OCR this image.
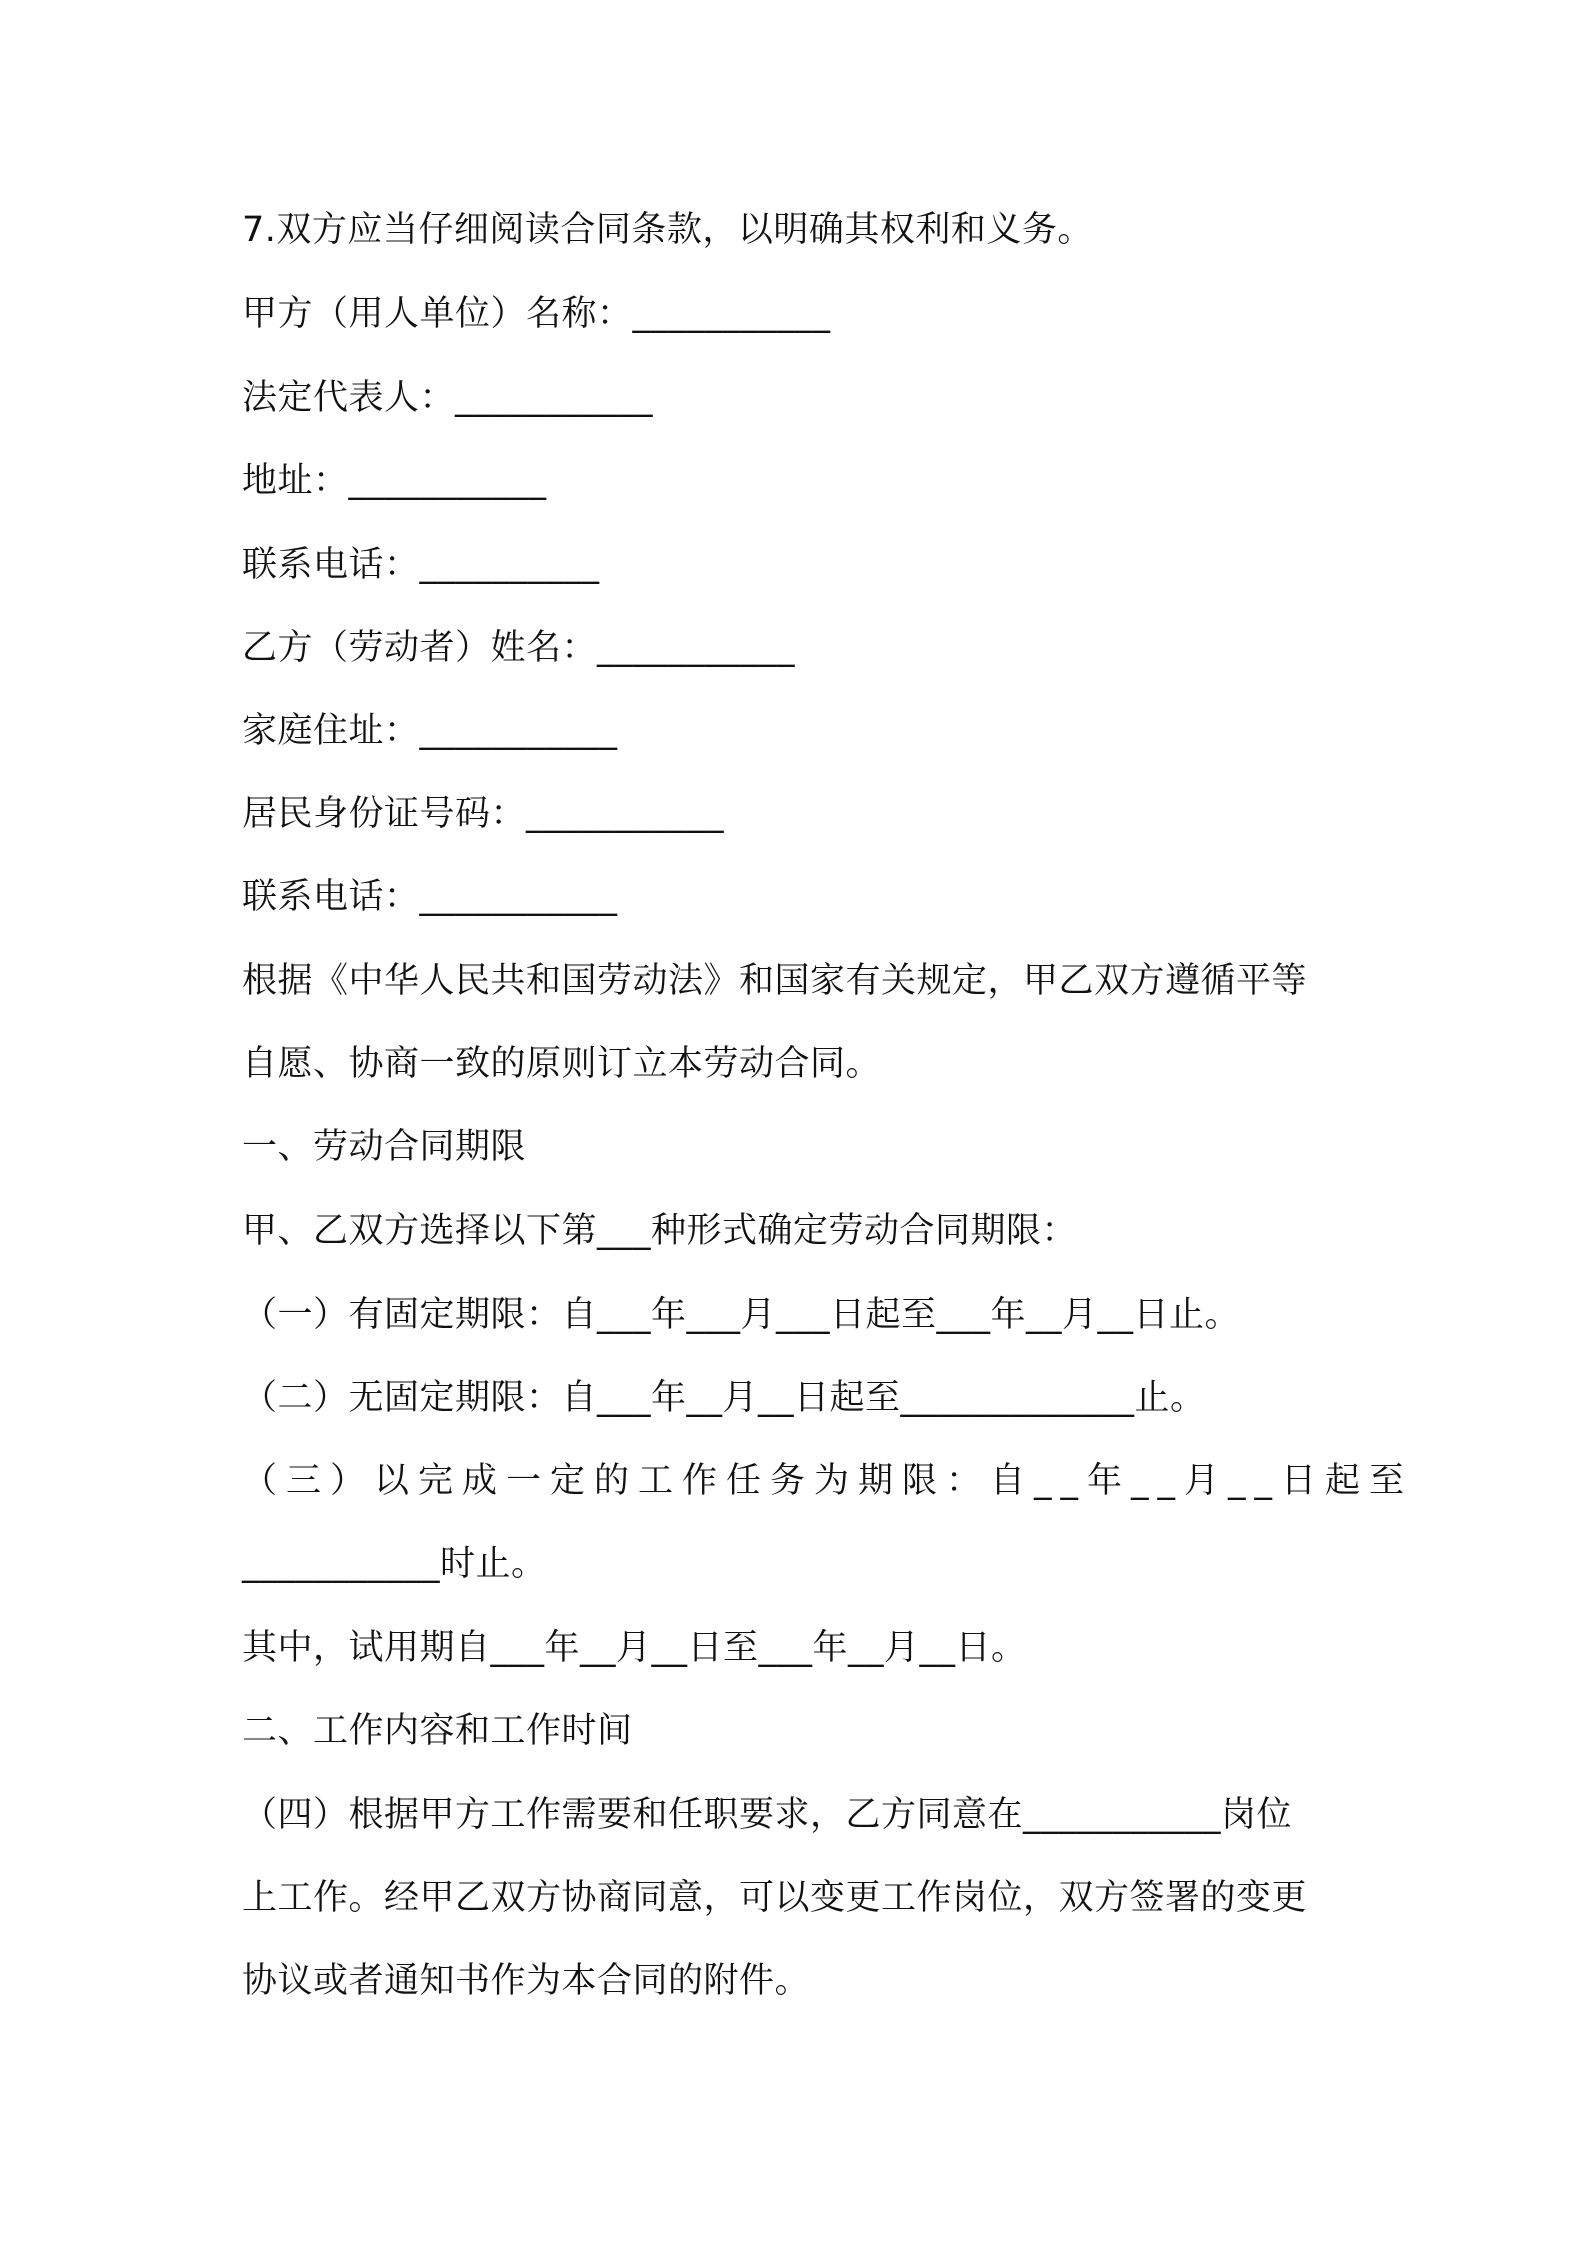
7.双方应当仔细阅读合同条款，以明确其权利和义务。
甲方（用人单位）名称：___________
法定代表人：___________
地址：___________
联系电话：__________
乙方（劳动者）姓名：___________
家庭住址：___________
居民身份证号码：___________
联系电话：___________
根据《中华人民共和国劳动法》和国家有关规定，甲乙双方遵循平等
自愿、协商一致的原则订立本劳动合同。
一、劳动合同期限
甲、乙双方选择以下第___种形式确定劳动合同期限：
（一）有固定期限：自___年___月___日起至___年__月__日止。
（二）无固定期限：自___年__月__日起至_____________止。
（三）以完成一定的工作任务为期限：自__年__月__日起至
___________时止。
其中，试用期自___年__月__日至___年__月__日。
二、工作内容和工作时间
（四）根据甲方工作需要和任职要求，乙方同意在___________岗位
上工作。经甲乙双方协商同意，可以变更工作岗位，双方签署的变更
协议或者通知书作为本合同的附件。
